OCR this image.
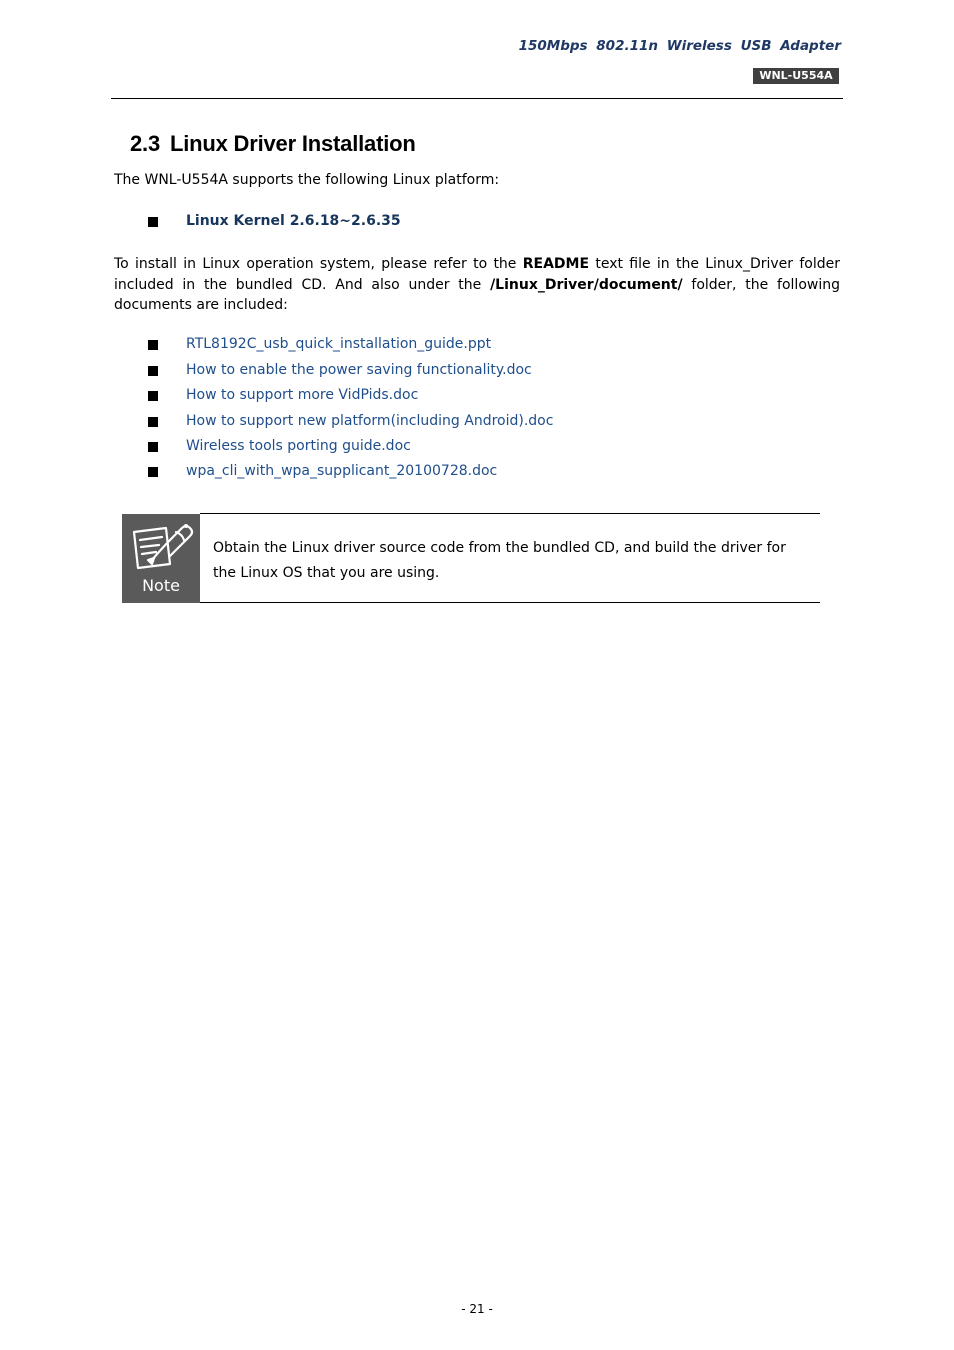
150Mbps 802.11n Wireless USB Adapter
WNL-U554A
2.3 Linux Driver Installation
The WNL-U554A supports the following Linux platform:
Linux Kernel 2.6.18~2.6.35
To install in Linux operation system, please refer to the README text file in the Linux_Driver folder included in the bundled CD. And also under the /Linux_Driver/document/ folder, the following documents are included:
RTL8192C_usb_quick_installation_guide.ppt
How to enable the power saving functionality.doc
How to support more VidPids.doc
How to support new platform(including Android).doc
Wireless tools porting guide.doc
wpa_cli_with_wpa_supplicant_20100728.doc
Note
Obtain the Linux driver source code from the bundled CD, and build the driver for the Linux OS that you are using.
- 21 -
